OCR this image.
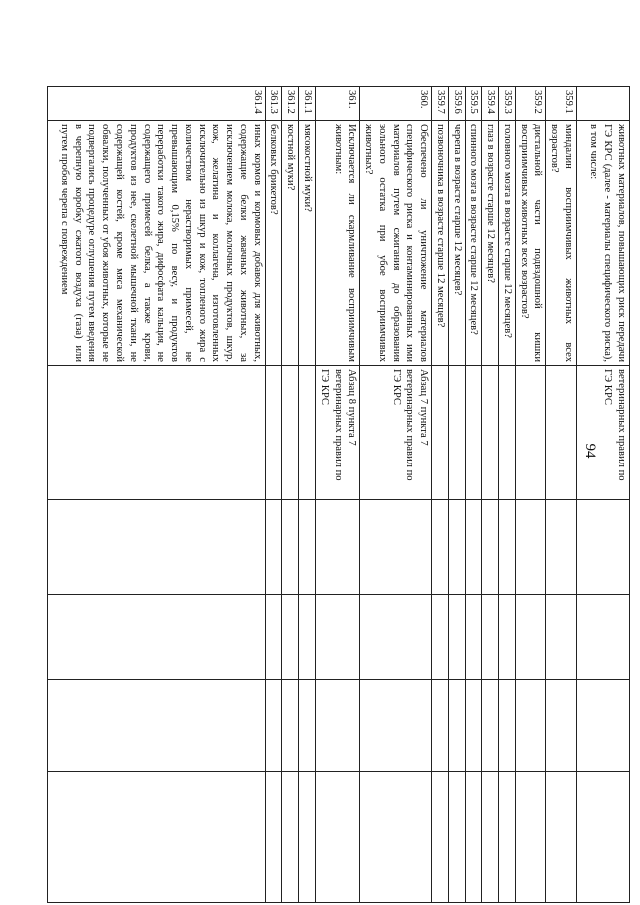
94
	животных материалов, повышающих риск передачи ГЭ КРС (далее - материалы специфического риска), в том числе:	ветеринарных правил по ГЭ КРС				
359.1	миндалин восприимчивых животных всех возрастов?					
359.2	дистальной части подвздошной кишки восприимчивых животных всех возрастов?					
359.3	головного мозга в возрасте старше 12 месяцев?					
359.4	глаз в возрасте старше 12 месяцев?					
359.5	спинного мозга в возрасте старше 12 месяцев?					
359.6	черепа в возрасте старше 12 месяцев?					
359.7	позвоночника в возрасте старше 12 месяцев?					
360.	Обеспечено ли уничтожение материалов специфического риска и контаминированных ими материалов путем сжигания до образования зольного остатка при убое восприимчивых животных?	Абзац 7 пункта 7 ветеринарных правил по ГЭ КРС				
361.	Исключается ли скармливание восприимчивым животным:	Абзац 8 пункта 7 ветеринарных правил по ГЭ КРС				
361.1	мясокостной муки?					
361.2	костной муки?					
361.3	белковых брикетов?					
361.4	иных кормов и кормовых добавок для животных, содержащие белки жвачных животных, за исключением молока, молочных продуктов, шкур, кож, желатина и коллагена, изготовленных исключительно из шкур и кож, топленого жира с количеством нерастворимых примесей, не превышающим 0,15% по весу, и продуктов переработки такого жира, дифосфата кальция, не содержащего примесей белка, а также крови, продуктов из нее, скелетной мышечной ткани, не содержащей костей, кроме мяса механической обвалки, полученных от убоя животных, которые не подвергались процедуре оглушения путем введения в черепную коробку сжатого воздуха (газа) или путем пробоя черепа с повреждением					
